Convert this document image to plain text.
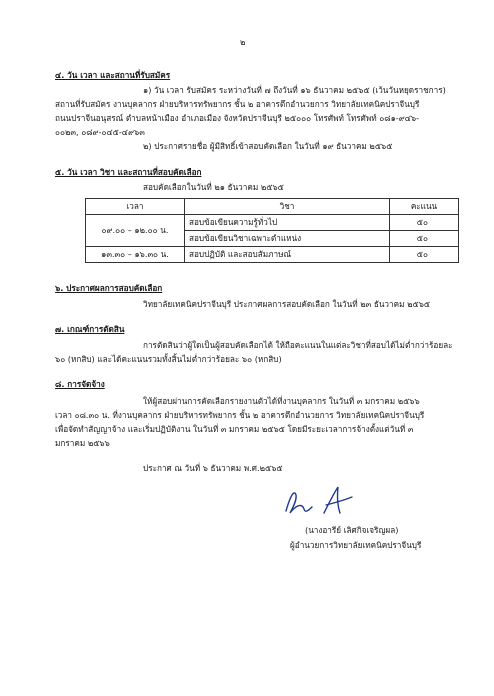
๒
๔. วัน เวลา และสถานที่รับสมัคร
๑) วัน เวลา รับสมัคร ระหว่างวันที่ ๗ ถึงวันที่ ๑๖ ธันวาคม ๒๕๖๕ (เว้นวันหยุดราชการ)
สถานที่รับสมัคร งานบุคลากร ฝ่ายบริหารทรัพยากร ชั้น ๒ อาคารตึกอำนวยการ วิทยาลัยเทคนิคปราจีนบุรี
ถนนปราจีนอนุสรณ์ ตำบลหน้าเมือง อำเภอเมือง จังหวัดปราจีนบุรี ๒๕๐๐๐ โทรศัพท์ โทรศัพท์ ๐๘๑-๙๔๖-
๐๐๒๓, ๐๘๙-๐๔๕-๔๙๖๓
๒) ประกาศรายชื่อ ผู้มีสิทธิ์เข้าสอบคัดเลือก ในวันที่ ๑๙ ธันวาคม ๒๕๖๕
๕. วัน เวลา วิชา และสถานที่สอบคัดเลือก
สอบคัดเลือกในวันที่ ๒๑ ธันวาคม ๒๕๖๕
เวลา	วิชา	คะแนน
๐๙.๐๐ – ๑๒.๐๐ น.	สอบข้อเขียนความรู้ทั่วไป	๕๐
	สอบข้อเขียนวิชาเฉพาะตำแหน่ง	๕๐
๑๓.๓๐ – ๑๖.๓๐ น.	สอบปฏิบัติ และสอบสัมภาษณ์	๕๐
๖. ประกาศผลการสอบคัดเลือก
วิทยาลัยเทคนิคปราจีนบุรี ประกาศผลการสอบคัดเลือก ในวันที่ ๒๓ ธันวาคม ๒๕๖๕
๗. เกณฑ์การตัดสิน
การตัดสินว่าผู้ใดเป็นผู้สอบคัดเลือกได้ ให้ถือคะแนนในแต่ละวิชาที่สอบได้ไม่ต่ำกว่าร้อยละ
๖๐ (หกสิบ) และได้คะแนนรวมทั้งสิ้นไม่ต่ำกว่าร้อยละ ๖๐ (หกสิบ)
๘. การจัดจ้าง
ให้ผู้สอบผ่านการคัดเลือกรายงานตัวได้ที่งานบุคลากร ในวันที่ ๓ มกราคม ๒๕๖๖
เวลา ๐๘.๓๐ น. ที่งานบุคลากร ฝ่ายบริหารทรัพยากร ชั้น ๒ อาคารตึกอำนวยการ วิทยาลัยเทคนิคปราจีนบุรี
เพื่อจัดทำสัญญาจ้าง และเริ่มปฏิบัติงาน ในวันที่ ๓ มกราคม ๒๕๖๕ โดยมีระยะเวลาการจ้างตั้งแต่วันที่ ๓
มกราคม ๒๕๖๖
ประกาศ ณ วันที่ ๖ ธันวาคม พ.ศ.๒๕๖๕
(นางอารีย์ เลิศกิจเจริญผล)
ผู้อำนวยการวิทยาลัยเทคนิคปราจีนบุรี
